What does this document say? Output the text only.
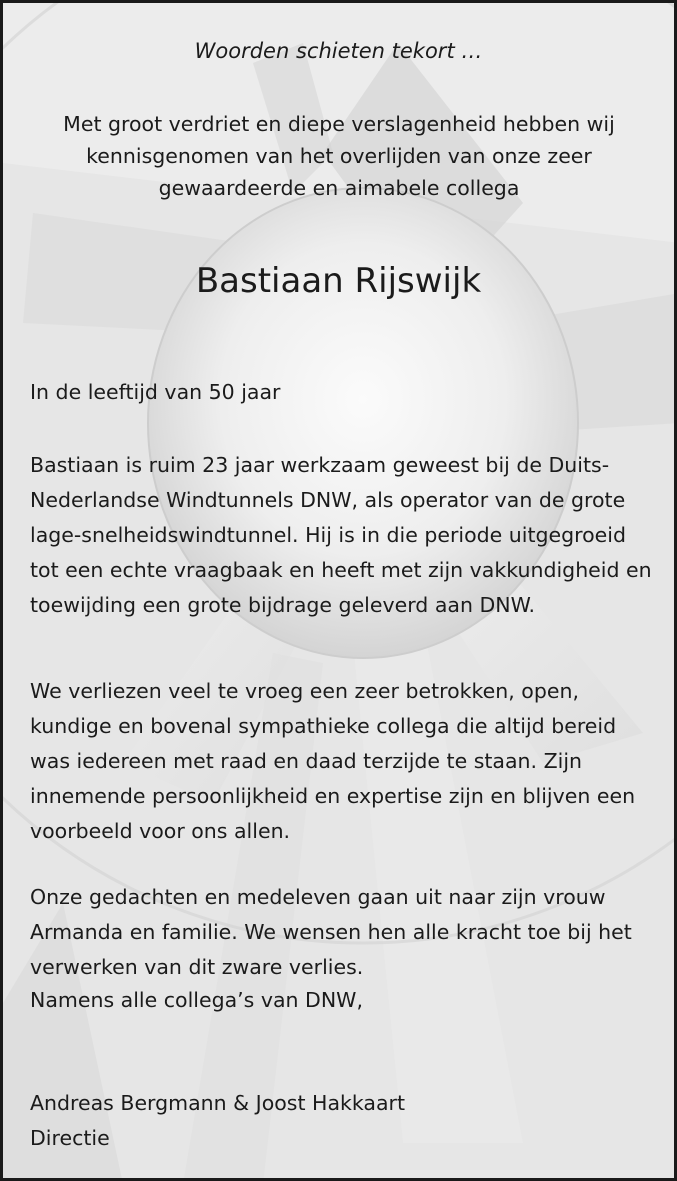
Woorden schieten tekort …

Met groot verdriet en diepe verslagenheid hebben wij kennisgenomen van het overlijden van onze zeer gewaardeerde en aimabele collega

Bastiaan Rijswijk

In de leeftijd van 50 jaar

Bastiaan is ruim 23 jaar werkzaam geweest bij de Duits-Nederlandse Windtunnels DNW, als operator van de grote lage-snelheidswindtunnel. Hij is in die periode uitgegroeid tot een echte vraagbaak en heeft met zijn vakkundigheid en toewijding een grote bijdrage geleverd aan DNW.

We verliezen veel te vroeg een zeer betrokken, open, kundige en bovenal sympathieke collega die altijd bereid was iedereen met raad en daad terzijde te staan. Zijn innemende persoonlijkheid en expertise zijn en blijven een voorbeeld voor ons allen.

Onze gedachten en medeleven gaan uit naar zijn vrouw Armanda en familie. We wensen hen alle kracht toe bij het verwerken van dit zware verlies.

Namens alle collega’s van DNW,

Andreas Bergmann & Joost Hakkaart

Directie
